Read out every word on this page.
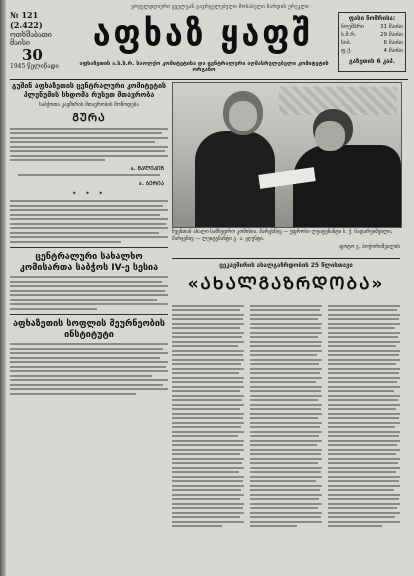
ყოველდღიური ყველგან გავრცელებული მოსაბელი ზარდის ერეკლი
№ 121 (2.422)
ოთხშაბათი
მაისი
30
1945 წელიწადი
აფხაზ ყაფშ
აფხაზეთის ა.ს.ს.რ. საოლქო კომიტეტისა და ცენტრალური აღმასრულებელი კომიტეტის ორგანო
ფასი ნომრისა:
ნოეშბრი	31 მაისი
ს.შ.რ.	29 მაისი
სიბ.	6 მაისი
ფ.ქ.	4 მაისი
გაზეთის 6 კაპ.
გუშინ აფხაზეთის ცენტრალური კომიტეტის პლენუმის სხდომა რუსეთ მთავრობა
საბჭოთა კავშირის მთავრობის მოწოდება
ᲒᲣᲠᲐ
ა. ᲛᲐᲚᲘᲙᲘᲜ
ა. ᲑᲔᲠᲘᲐ
• • •
ცენტრალური სახალხო კომისართა საბჭოს IV-ე სესია
აფხაზეთის სოფლის მეურნეობის ინსტიტუტი
ჩვენთან ახალი სამხედრო კომისია. მარცხნივ — უფროსი ლეიტენანტი ს. ქ. ნადარეიშვილი, მარჯვნივ — ლეიტენანტი გ. ა. ჟღენტი.
ფოტო გ. ბოჭორიშვილის
ცეკავშირის ახალგაზრდობის 25 წლისთავი
«ᲐᲮᲐᲚᲒᲐᲖᲠᲓᲝᲑᲐ»
